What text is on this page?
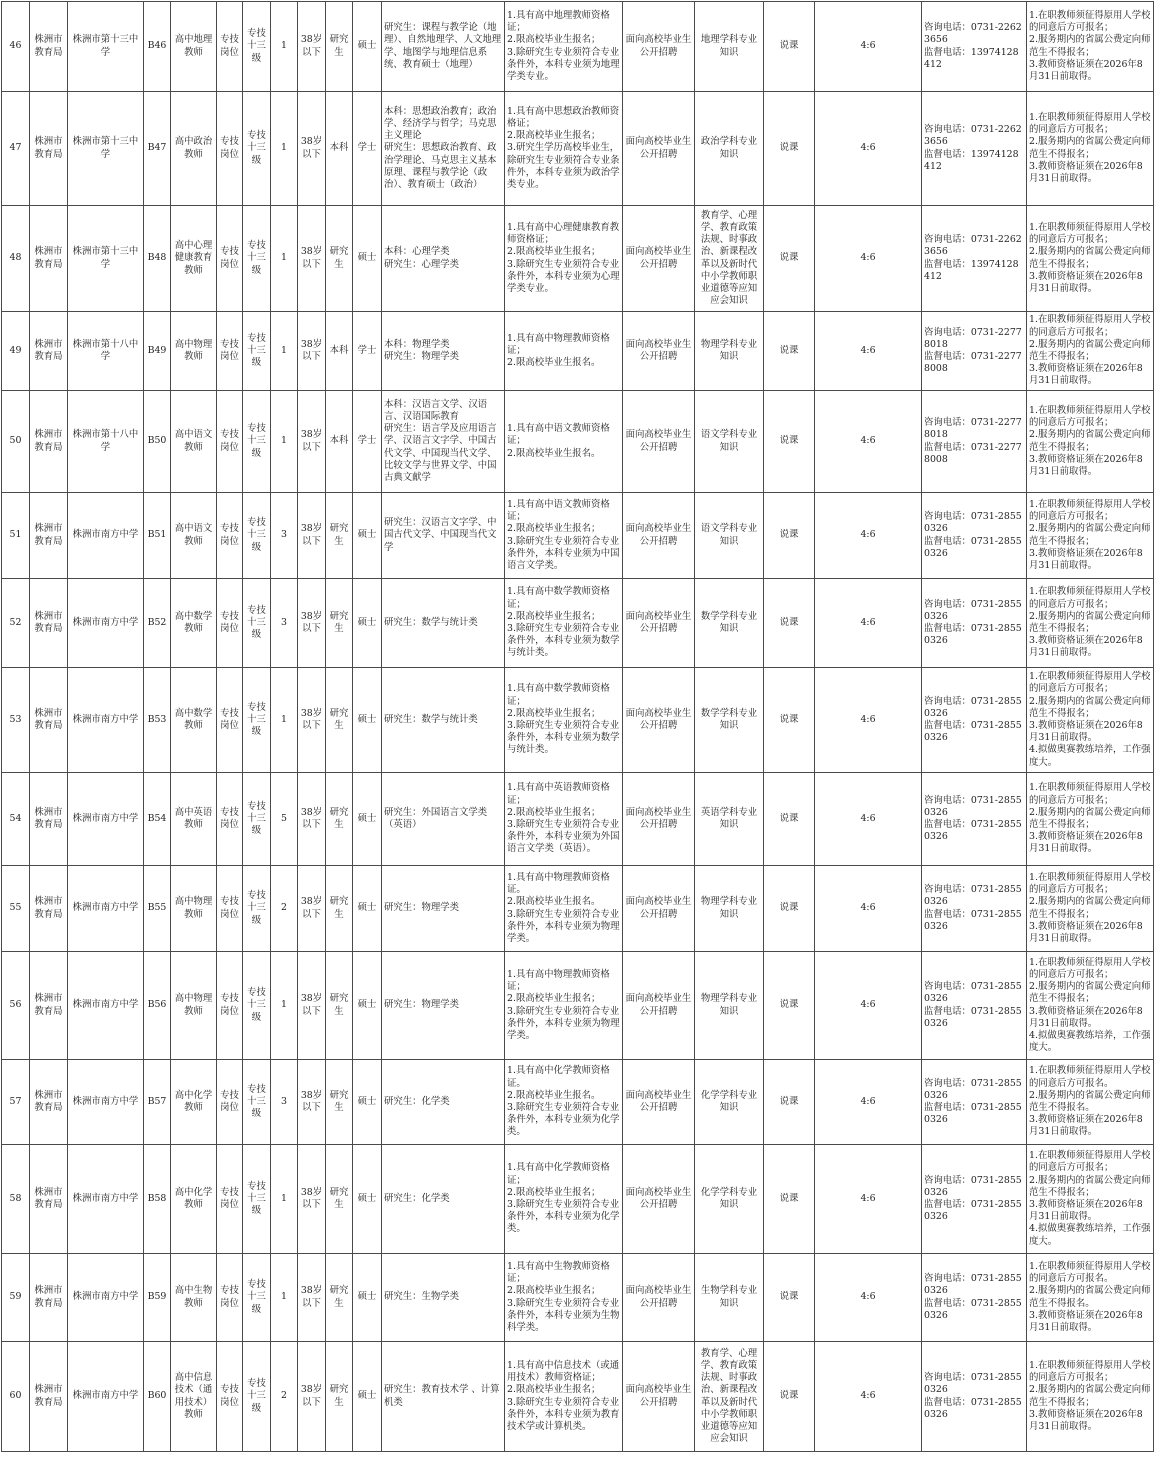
46	株洲市教育局	株洲市第十三中学	B46	高中地理教师	专技岗位	专技十三级	1	38岁以下	研究生	硕士	研究生：课程与教学论（地理）、自然地理学、人文地理学、地图学与地理信息系统、教育硕士（地理）	1.具有高中地理教师资格证；
2.限高校毕业生报名；
3.除研究生专业须符合专业条件外，本科专业须为地理学类专业。	面向高校毕业生公开招聘	地理学科专业知识	说课	4:6	咨询电话：0731-22623656
监督电话：13974128412	1.在职教师须征得原用人学校的同意后方可报名；
2.服务期内的省属公费定向师范生不得报名；
3.教师资格证须在2026年8月31日前取得。
47	株洲市教育局	株洲市第十三中学	B47	高中政治教师	专技岗位	专技十三级	1	38岁以下	本科	学士	本科：思想政治教育；政治学、经济学与哲学；马克思主义理论
研究生：思想政治教育、政治学理论、马克思主义基本原理、课程与教学论（政治）、教育硕士（政治）	1.具有高中思想政治教师资格证；
2.限高校毕业生报名；
3.研究生学历高校毕业生，除研究生专业须符合专业条件外，本科专业须为政治学类专业。	面向高校毕业生公开招聘	政治学科专业知识	说课	4:6	咨询电话：0731-22623656
监督电话：13974128412	1.在职教师须征得原用人学校的同意后方可报名；
2.服务期内的省属公费定向师范生不得报名；
3.教师资格证须在2026年8月31日前取得。
48	株洲市教育局	株洲市第十三中学	B48	高中心理健康教育教师	专技岗位	专技十三级	1	38岁以下	研究生	硕士	本科：心理学类
研究生：心理学类	1.具有高中心理健康教育教师资格证；
2.限高校毕业生报名；
3.除研究生专业须符合专业条件外，本科专业须为心理学类专业。	面向高校毕业生公开招聘	教育学、心理学、教育政策法规、时事政治、新课程改革以及新时代中小学教师职业道德等应知应会知识	说课	4:6	咨询电话：0731-22623656
监督电话：13974128412	1.在职教师须征得原用人学校的同意后方可报名；
2.服务期内的省属公费定向师范生不得报名；
3.教师资格证须在2026年8月31日前取得。
49	株洲市教育局	株洲市第十八中学	B49	高中物理教师	专技岗位	专技十三级	1	38岁以下	本科	学士	本科：物理学类
研究生：物理学类	1.具有高中物理教师资格证；
2.限高校毕业生报名。	面向高校毕业生公开招聘	物理学科专业知识	说课	4:6	咨询电话：0731-22778018
监督电话：0731-22778008	1.在职教师须征得原用人学校的同意后方可报名；
2.服务期内的省属公费定向师范生不得报名；
3.教师资格证须在2026年8月31日前取得。
50	株洲市教育局	株洲市第十八中学	B50	高中语文教师	专技岗位	专技十三级	1	38岁以下	本科	学士	本科：汉语言文学、汉语言、汉语国际教育
研究生：语言学及应用语言学、汉语言文字学、中国古代文学、中国现当代文学、比较文学与世界文学、中国古典文献学	1.具有高中语文教师资格证；
2.限高校毕业生报名。	面向高校毕业生公开招聘	语文学科专业知识	说课	4:6	咨询电话：0731-22778018
监督电话：0731-22778008	1.在职教师须征得原用人学校的同意后方可报名；
2.服务期内的省属公费定向师范生不得报名；
3.教师资格证须在2026年8月31日前取得。
51	株洲市教育局	株洲市南方中学	B51	高中语文教师	专技岗位	专技十三级	3	38岁以下	研究生	硕士	研究生：汉语言文字学、中国古代文学、中国现当代文学	1.具有高中语文教师资格证；
2.限高校毕业生报名；
3.除研究生专业须符合专业条件外，本科专业须为中国语言文学类。	面向高校毕业生公开招聘	语文学科专业知识	说课	4:6	咨询电话：0731-28550326
监督电话：0731-28550326	1.在职教师须征得原用人学校的同意后方可报名；
2.服务期内的省属公费定向师范生不得报名；
3.教师资格证须在2026年8月31日前取得。
52	株洲市教育局	株洲市南方中学	B52	高中数学教师	专技岗位	专技十三级	3	38岁以下	研究生	硕士	研究生：数学与统计类	1.具有高中数学教师资格证；
2.限高校毕业生报名；
3.除研究生专业须符合专业条件外，本科专业须为数学与统计类。	面向高校毕业生公开招聘	数学学科专业知识	说课	4:6	咨询电话：0731-28550326
监督电话：0731-28550326	1.在职教师须征得原用人学校的同意后方可报名；
2.服务期内的省属公费定向师范生不得报名；
3.教师资格证须在2026年8月31日前取得。
53	株洲市教育局	株洲市南方中学	B53	高中数学教师	专技岗位	专技十三级	1	38岁以下	研究生	硕士	研究生：数学与统计类	1.具有高中数学教师资格证；
2.限高校毕业生报名；
3.除研究生专业须符合专业条件外，本科专业须为数学与统计类。	面向高校毕业生公开招聘	数学学科专业知识	说课	4:6	咨询电话：0731-28550326
监督电话：0731-28550326	1.在职教师须征得原用人学校的同意后方可报名；
2.服务期内的省属公费定向师范生不得报名；
3.教师资格证须在2026年8月31日前取得。
4.拟做奥赛教练培养，工作强度大。
54	株洲市教育局	株洲市南方中学	B54	高中英语教师	专技岗位	专技十三级	5	38岁以下	研究生	硕士	研究生：外国语言文学类（英语）	1.具有高中英语教师资格证；
2.限高校毕业生报名；
3.除研究生专业须符合专业条件外，本科专业须为外国语言文学类（英语）。	面向高校毕业生公开招聘	英语学科专业知识	说课	4:6	咨询电话：0731-28550326
监督电话：0731-28550326	1.在职教师须征得原用人学校的同意后方可报名；
2.服务期内的省属公费定向师范生不得报名；
3.教师资格证须在2026年8月31日前取得。
55	株洲市教育局	株洲市南方中学	B55	高中物理教师	专技岗位	专技十三级	2	38岁以下	研究生	硕士	研究生：物理学类	1.具有高中物理教师资格证。
2.限高校毕业生报名。
3.除研究生专业须符合专业条件外，本科专业须为物理学类。	面向高校毕业生公开招聘	物理学科专业知识	说课	4:6	咨询电话：0731-28550326
监督电话：0731-28550326	1.在职教师须征得原用人学校的同意后方可报名；
2.服务期内的省属公费定向师范生不得报名；
3.教师资格证须在2026年8月31日前取得。
56	株洲市教育局	株洲市南方中学	B56	高中物理教师	专技岗位	专技十三级	1	38岁以下	研究生	硕士	研究生：物理学类	1.具有高中物理教师资格证；
2.限高校毕业生报名；
3.除研究生专业须符合专业条件外，本科专业须为物理学类。	面向高校毕业生公开招聘	物理学科专业知识	说课	4:6	咨询电话：0731-28550326
监督电话：0731-28550326	1.在职教师须征得原用人学校的同意后方可报名；
2.服务期内的省属公费定向师范生不得报名；
3.教师资格证须在2026年8月31日前取得。
4.拟做奥赛教练培养，工作强度大。
57	株洲市教育局	株洲市南方中学	B57	高中化学教师	专技岗位	专技十三级	3	38岁以下	研究生	硕士	研究生：化学类	1.具有高中化学教师资格证。
2.限高校毕业生报名。
3.除研究生专业须符合专业条件外，本科专业须为化学类。	面向高校毕业生公开招聘	化学学科专业知识	说课	4:6	咨询电话：0731-28550326
监督电话：0731-28550326	1.在职教师须征得原用人学校的同意后方可报名。
2.服务期内的省属公费定向师范生不得报名。
3.教师资格证须在2026年8月31日前取得。
58	株洲市教育局	株洲市南方中学	B58	高中化学教师	专技岗位	专技十三级	1	38岁以下	研究生	硕士	研究生：化学类	1.具有高中化学教师资格证；
2.限高校毕业生报名；
3.除研究生专业须符合专业条件外，本科专业须为化学类。	面向高校毕业生公开招聘	化学学科专业知识	说课	4:6	咨询电话：0731-28550326
监督电话：0731-28550326	1.在职教师须征得原用人学校的同意后方可报名；
2.服务期内的省属公费定向师范生不得报名；
3.教师资格证须在2026年8月31日前取得。
4.拟做奥赛教练培养，工作强度大。
59	株洲市教育局	株洲市南方中学	B59	高中生物教师	专技岗位	专技十三级	1	38岁以下	研究生	硕士	研究生：生物学类	1.具有高中生物教师资格证；
2.限高校毕业生报名；
3.除研究生专业须符合专业条件外，本科专业须为生物科学类。	面向高校毕业生公开招聘	生物学科专业知识	说课	4:6	咨询电话：0731-28550326
监督电话：0731-28550326	1.在职教师须征得原用人学校的同意后方可报名。
2.服务期内的省属公费定向师范生不得报名。
3.教师资格证须在2026年8月31日前取得。
60	株洲市教育局	株洲市南方中学	B60	高中信息技术（通用技术）教师	专技岗位	专技十三级	2	38岁以下	研究生	硕士	研究生：教育技术学 、计算机类	1.具有高中信息技术（或通用技术）教师资格证；
2.限高校毕业生报名；
3.除研究生专业须符合专业条件外，本科专业须为教育技术学或计算机类。	面向高校毕业生公开招聘	教育学、心理学、教育政策法规、时事政治、新课程改革以及新时代中小学教师职业道德等应知应会知识	说课	4:6	咨询电话：0731-28550326
监督电话：0731-28550326	1.在职教师须征得原用人学校的同意后方可报名；
2.服务期内的省属公费定向师范生不得报名；
3.教师资格证须在2026年8月31日前取得。
